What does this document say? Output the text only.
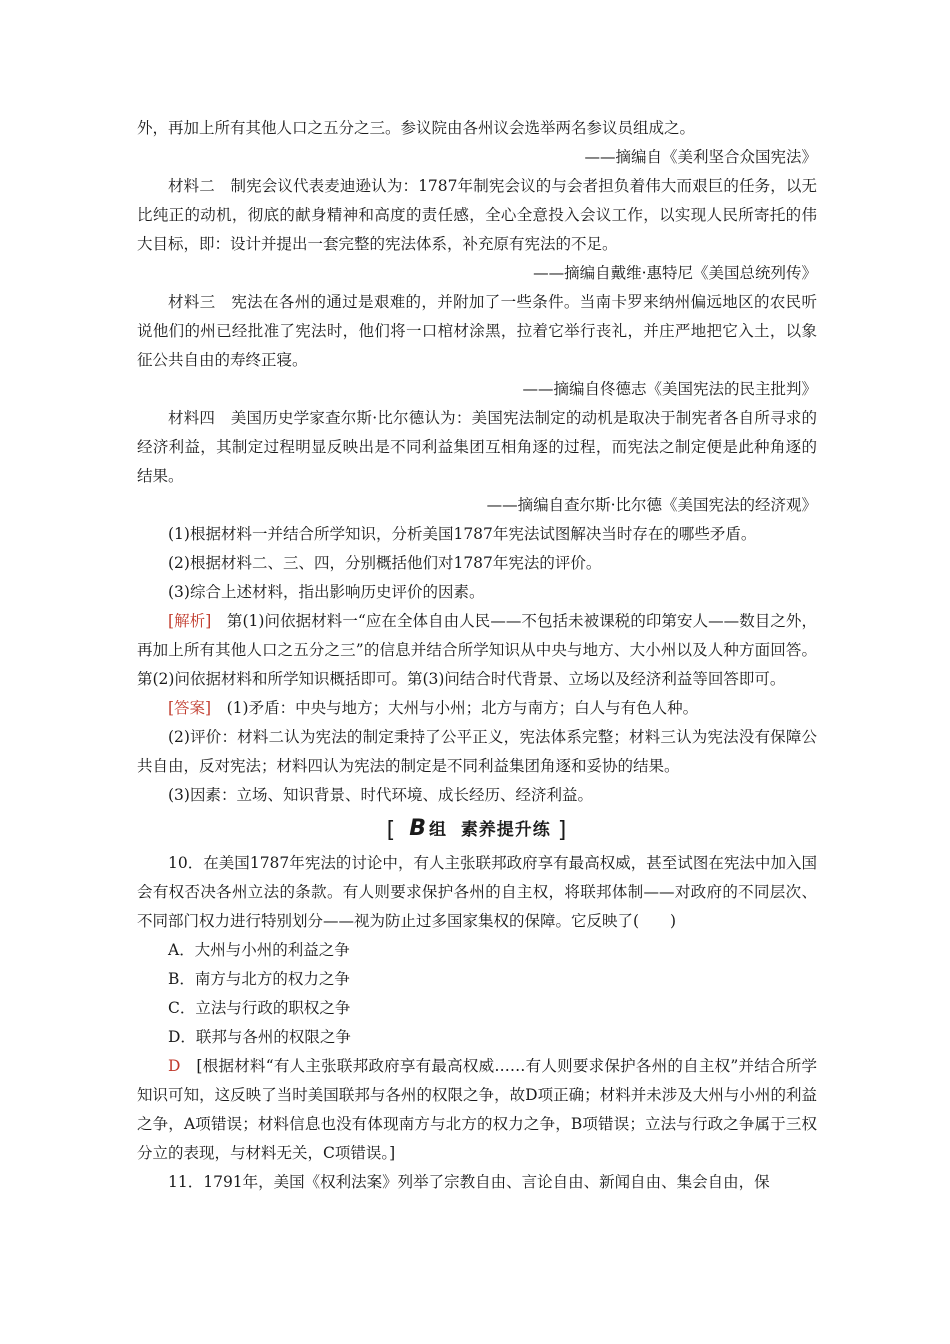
外，再加上所有其他人口之五分之三。参议院由各州议会选举两名参议员组成之。

——摘编自《美利坚合众国宪法》

材料二　制宪会议代表麦迪逊认为：1787年制宪会议的与会者担负着伟大而艰巨的任务，以无比纯正的动机，彻底的献身精神和高度的责任感，全心全意投入会议工作，以实现人民所寄托的伟大目标，即：设计并提出一套完整的宪法体系，补充原有宪法的不足。

——摘编自戴维·惠特尼《美国总统列传》

材料三　宪法在各州的通过是艰难的，并附加了一些条件。当南卡罗来纳州偏远地区的农民听说他们的州已经批准了宪法时，他们将一口棺材涂黑，拉着它举行丧礼，并庄严地把它入土，以象征公共自由的寿终正寝。

——摘编自佟德志《美国宪法的民主批判》

材料四　美国历史学家查尔斯·比尔德认为：美国宪法制定的动机是取决于制宪者各自所寻求的经济利益，其制定过程明显反映出是不同利益集团互相角逐的过程，而宪法之制定便是此种角逐的结果。

——摘编自查尔斯·比尔德《美国宪法的经济观》

(1)根据材料一并结合所学知识，分析美国1787年宪法试图解决当时存在的哪些矛盾。

(2)根据材料二、三、四，分别概括他们对1787年宪法的评价。

(3)综合上述材料，指出影响历史评价的因素。

[解析]　第(1)问依据材料一“应在全体自由人民——不包括未被课税的印第安人——数目之外，再加上所有其他人口之五分之三”的信息并结合所学知识从中央与地方、大小州以及人种方面回答。第(2)问依据材料和所学知识概括即可。第(3)问结合时代背景、立场以及经济利益等回答即可。

[答案]　(1)矛盾：中央与地方；大州与小州；北方与南方；白人与有色人种。

(2)评价：材料二认为宪法的制定秉持了公平正义，宪法体系完整；材料三认为宪法没有保障公共自由，反对宪法；材料四认为宪法的制定是不同利益集团角逐和妥协的结果。

(3)因素：立场、知识背景、时代环境、成长经历、经济利益。

[ B 组 素养提升练 ]

10．在美国1787年宪法的讨论中，有人主张联邦政府享有最高权威，甚至试图在宪法中加入国会有权否决各州立法的条款。有人则要求保护各州的自主权，将联邦体制——对政府的不同层次、不同部门权力进行特别划分——视为防止过多国家集权的保障。它反映了(　　)

A．大州与小州的利益之争

B．南方与北方的权力之争

C．立法与行政的职权之争

D．联邦与各州的权限之争

D　[根据材料“有人主张联邦政府享有最高权威……有人则要求保护各州的自主权”并结合所学知识可知，这反映了当时美国联邦与各州的权限之争，故D项正确；材料并未涉及大州与小州的利益之争，A项错误；材料信息也没有体现南方与北方的权力之争，B项错误；立法与行政之争属于三权分立的表现，与材料无关，C项错误。]

11．1791年，美国《权利法案》列举了宗教自由、言论自由、新闻自由、集会自由，保
